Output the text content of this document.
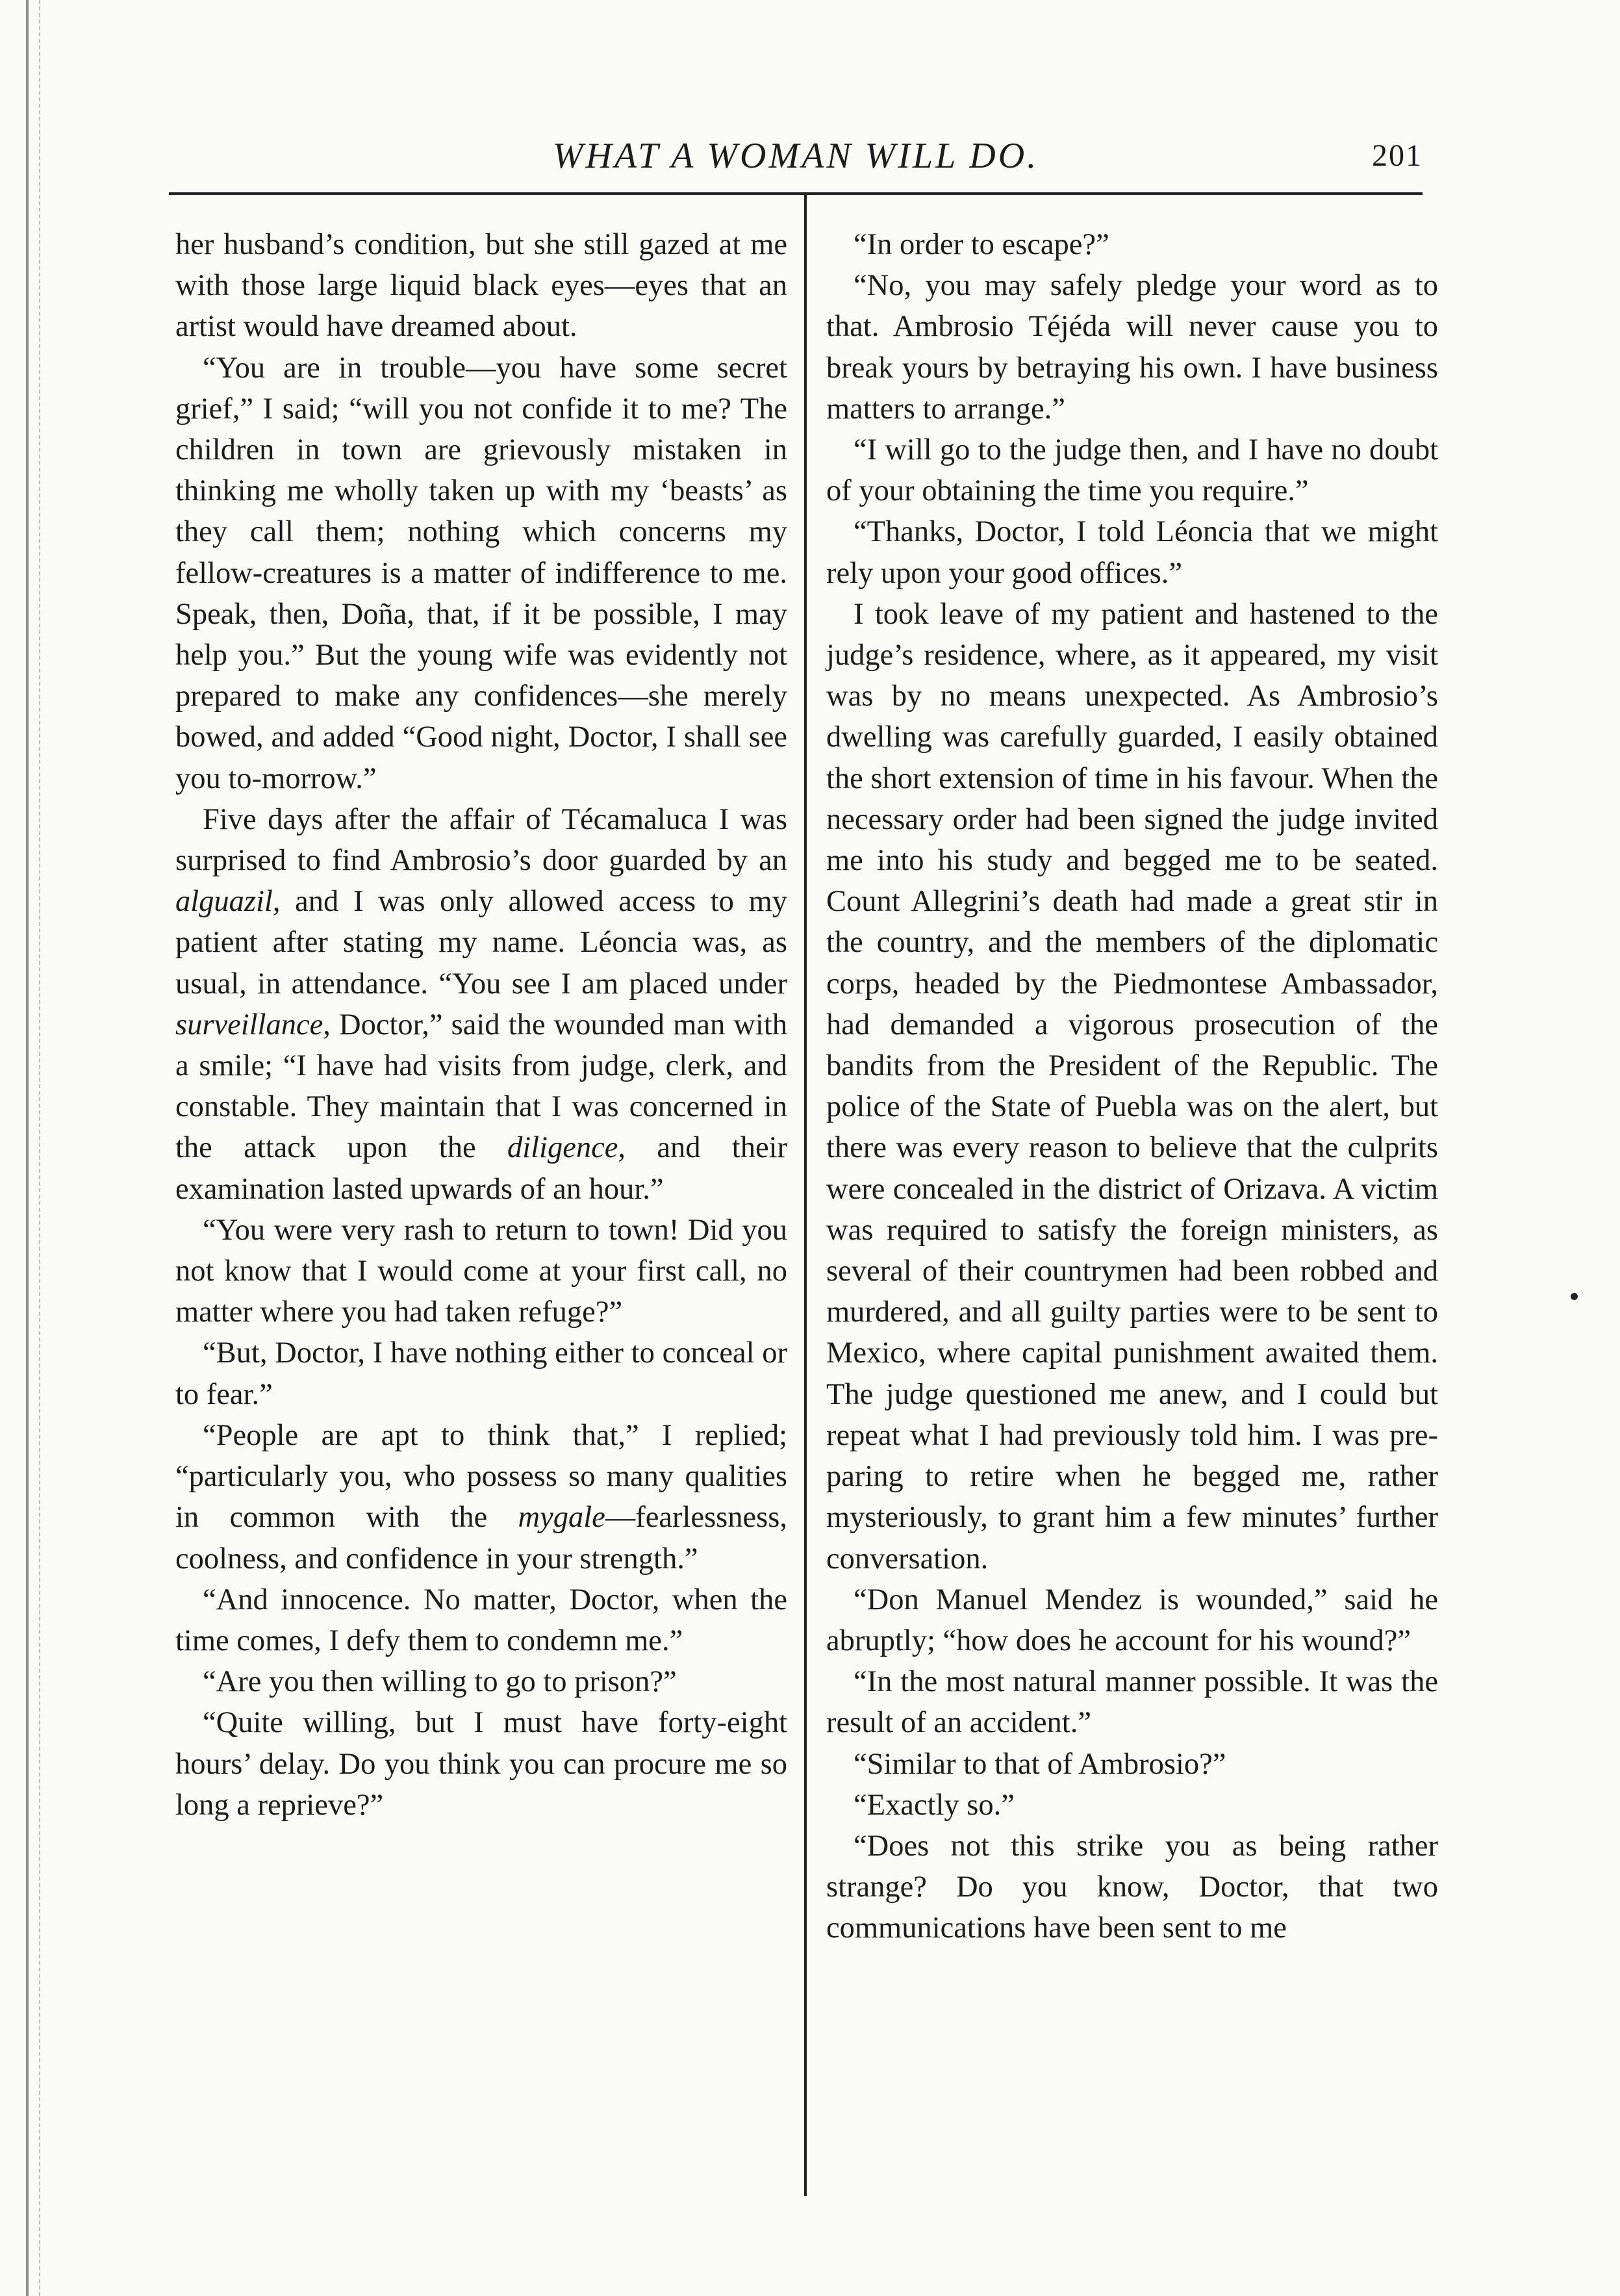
WHAT A WOMAN WILL DO.	201

her husband’s condition, but she still gazed at me with those large liquid black eyes—eyes that an artist would have dreamed about.

“You are in trouble—you have some secret grief,” I said; “will you not confide it to me? The children in town are grievously mistaken in thinking me wholly taken up with my ‘beasts’ as they call them; nothing which concerns my fellow-creatures is a matter of indifference to me. Speak, then, Doña, that, if it be possible, I may help you.” But the young wife was evidently not prepared to make any confidences—she merely bowed, and added “Good night, Doctor, I shall see you to-morrow.”

Five days after the affair of Técamaluca I was surprised to find Ambrosio’s door guarded by an alguazil, and I was only allowed access to my patient after stating my name. Léoncia was, as usual, in attendance. “You see I am placed under surveillance, Doctor,” said the wounded man with a smile; “I have had visits from judge, clerk, and constable. They maintain that I was concerned in the attack upon the diligence, and their examination lasted upwards of an hour.”

“You were very rash to return to town! Did you not know that I would come at your first call, no matter where you had taken refuge?”

“But, Doctor, I have nothing either to conceal or to fear.”

“People are apt to think that,” I replied; “particularly you, who possess so many qualities in common with the mygale—fearlessness, coolness, and confidence in your strength.”

“And innocence. No matter, Doctor, when the time comes, I defy them to condemn me.”

“Are you then willing to go to prison?”

“Quite willing, but I must have forty-eight hours’ delay. Do you think you can procure me so long a reprieve?”

“In order to escape?”

“No, you may safely pledge your word as to that. Ambrosio Téjéda will never cause you to break yours by betraying his own. I have business matters to arrange.”

“I will go to the judge then, and I have no doubt of your obtaining the time you require.”

“Thanks, Doctor, I told Léoncia that we might rely upon your good offices.”

I took leave of my patient and hastened to the judge’s residence, where, as it appeared, my visit was by no means unexpected. As Ambrosio’s dwelling was carefully guarded, I easily obtained the short extension of time in his favour. When the necessary order had been signed the judge invited me into his study and begged me to be seated. Count Allegrini’s death had made a great stir in the country, and the members of the diplomatic corps, headed by the Piedmontese Ambassador, had demanded a vigorous prosecution of the bandits from the President of the Republic. The police of the State of Puebla was on the alert, but there was every reason to believe that the culprits were concealed in the district of Orizava. A victim was required to satisfy the foreign ministers, as several of their countrymen had been robbed and murdered, and all guilty parties were to be sent to Mexico, where capital punishment awaited them. The judge questioned me anew, and I could but repeat what I had previously told him. I was preparing to retire when he begged me, rather mysteriously, to grant him a few minutes’ further conversation.

“Don Manuel Mendez is wounded,” said he abruptly; “how does he account for his wound?”

“In the most natural manner possible. It was the result of an accident.”

“Similar to that of Ambrosio?”

“Exactly so.”

“Does not this strike you as being rather strange? Do you know, Doctor, that two communications have been sent to me
